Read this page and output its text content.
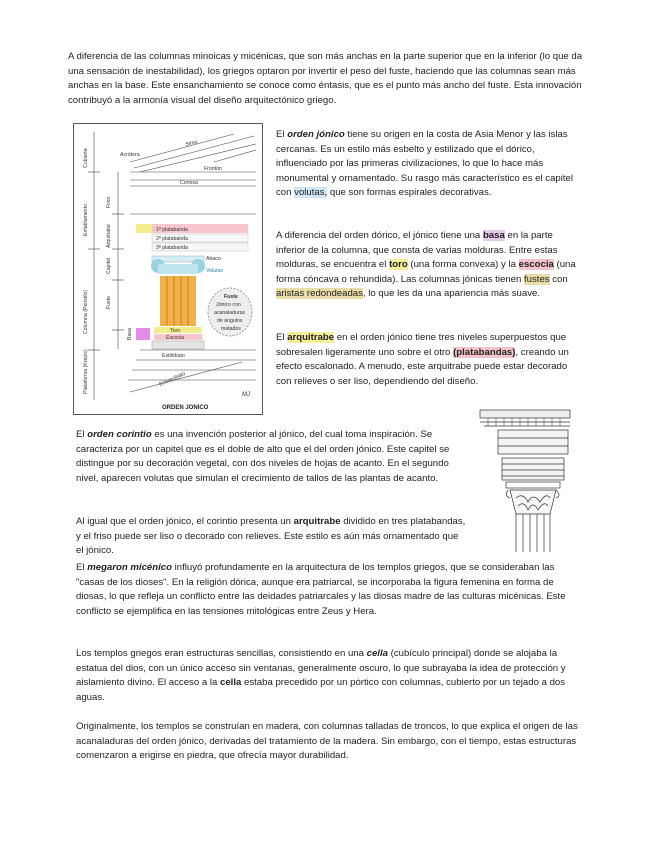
A diferencia de las columnas minoicas y micénicas, que son más anchas en la parte superior que en la inferior (lo que da una sensación de inestabilidad), los griegos optaron por invertir el peso del fuste, haciendo que las columnas sean más anchas en la base. Este ensanchamiento se conoce como éntasis, que es el punto más ancho del fuste. Esta innovación contribuyó a la armonía visual del diseño arquitectónico griego.

Cubierta
Entablamento
Columna (Peristilo)
Plataforma (Krepis)
Friso
Arquitrabe
Capitel
Fuste
Basa
Acrótera
Sima
Frontón
Cornisa
1ª platabanda
2ª platabanda
3ª platabanda
Abaco
Volutas
Toro
Escocia
Estilóbato
Estereóbato
Fuste
Jónico con
acanaladuras
de ángulos
matados
MJ
ORDEN JONICO

El orden jónico tiene su origen en la costa de Asia Menor y las islas cercanas. Es un estilo más esbelto y estilizado que el dórico, influenciado por las primeras civilizaciones, lo que lo hace más monumental y ornamentado. Su rasgo más característico es el capitel con volutas, que son formas espirales decorativas.

A diferencia del orden dórico, el jónico tiene una basa en la parte inferior de la columna, que consta de varias molduras. Entre estas molduras, se encuentra el toro (una forma convexa) y la escocia (una forma cóncava o rehundida). Las columnas jónicas tienen fustes con aristas redondeadas, lo que les da una apariencia más suave.

El arquitrabe en el orden jónico tiene tres niveles superpuestos que sobresalen ligeramente uno sobre el otro (platabandas), creando un efecto escalonado. A menudo, este arquitrabe puede estar decorado con relieves o ser liso, dependiendo del diseño.

El orden corintio es una invención posterior al jónico, del cual toma inspiración. Se caracteriza por un capitel que es el doble de alto que el del orden jónico. Este capitel se distingue por su decoración vegetal, con dos niveles de hojas de acanto. En el segundo nivel, aparecen volutas que simulan el crecimiento de tallos de las plantas de acanto.

Al igual que el orden jónico, el corintio presenta un arquitrabe dividido en tres platabandas, y el friso puede ser liso o decorado con relieves. Este estilo es aún más ornamentado que el jónico.

El megaron micénico influyó profundamente en la arquitectura de los templos griegos, que se consideraban las "casas de los dioses". En la religión dórica, aunque era patriarcal, se incorporaba la figura femenina en forma de diosas, lo que refleja un conflicto entre las deidades patriarcales y las diosas madre de las culturas micénicas. Este conflicto se ejemplifica en las tensiones mitológicas entre Zeus y Hera.

Los templos griegos eran estructuras sencillas, consistiendo en una cella (cubículo principal) donde se alojaba la estatua del dios, con un único acceso sin ventanas, generalmente oscuro, lo que subrayaba la idea de protección y aislamiento divino. El acceso a la cella estaba precedido por un pórtico con columnas, cubierto por un tejado a dos aguas.

Originalmente, los templos se construían en madera, con columnas talladas de troncos, lo que explica el origen de las acanaladuras del orden jónico, derivadas del tratamiento de la madera. Sin embargo, con el tiempo, estas estructuras comenzaron a erigirse en piedra, que ofrecía mayor durabilidad.
